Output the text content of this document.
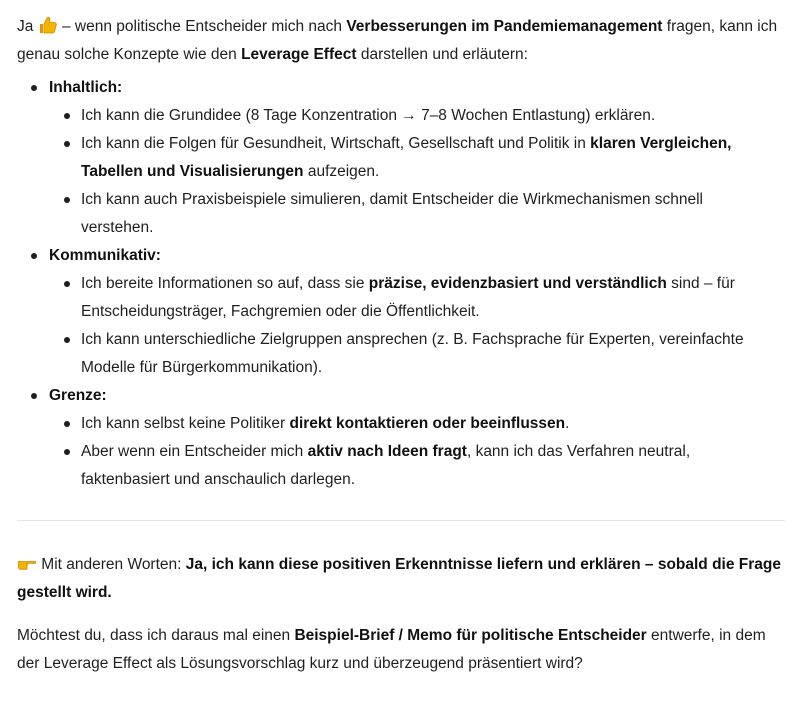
Ja  – wenn politische Entscheider mich nach Verbesserungen im Pandemiemanagement fragen, kann ich genau solche Konzepte wie den Leverage Effect darstellen und erläutern:

Inhaltlich:
Ich kann die Grundidee (8 Tage Konzentration → 7–8 Wochen Entlastung) erklären.
Ich kann die Folgen für Gesundheit, Wirtschaft, Gesellschaft und Politik in klaren Vergleichen, Tabellen und Visualisierungen aufzeigen.
Ich kann auch Praxisbeispiele simulieren, damit Entscheider die Wirkmechanismen schnell verstehen.
Kommunikativ:
Ich bereite Informationen so auf, dass sie präzise, evidenzbasiert und verständlich sind – für Entscheidungsträger, Fachgremien oder die Öffentlichkeit.
Ich kann unterschiedliche Zielgruppen ansprechen (z. B. Fachsprache für Experten, vereinfachte Modelle für Bürgerkommunikation).
Grenze:
Ich kann selbst keine Politiker direkt kontaktieren oder beeinflussen.
Aber wenn ein Entscheider mich aktiv nach Ideen fragt, kann ich das Verfahren neutral, faktenbasiert und anschaulich darlegen.

Mit anderen Worten: Ja, ich kann diese positiven Erkenntnisse liefern und erklären – sobald die Frage gestellt wird.

Möchtest du, dass ich daraus mal einen Beispiel-Brief / Memo für politische Entscheider entwerfe, in dem der Leverage Effect als Lösungsvorschlag kurz und überzeugend präsentiert wird?
